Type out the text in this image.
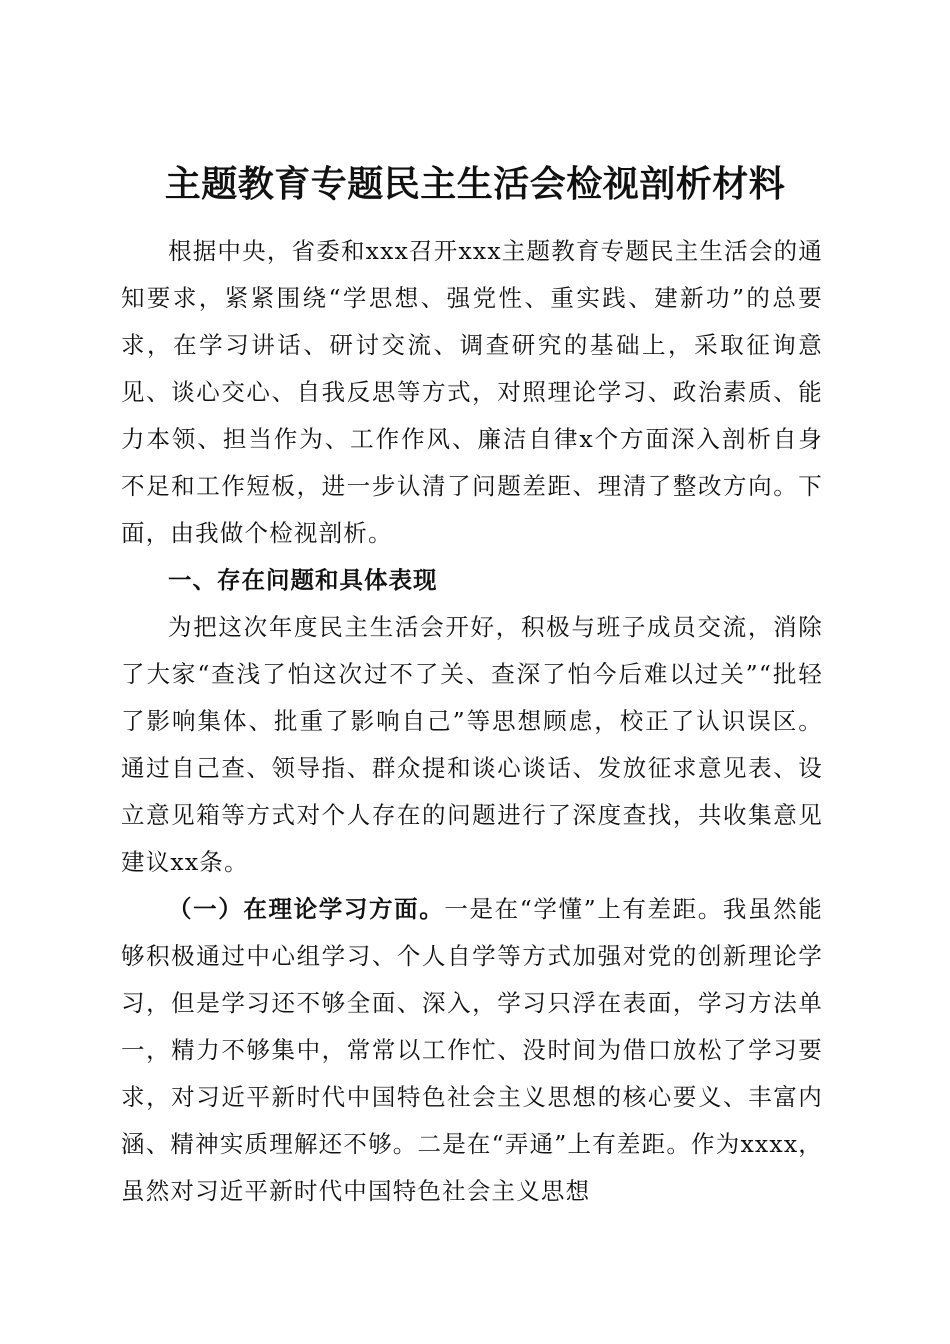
主题教育专题民主生活会检视剖析材料

根据中央，省委和xxx召开xxx主题教育专题民主生活会的通知要求，紧紧围绕“学思想、强党性、重实践、建新功”的总要求，在学习讲话、研讨交流、调查研究的基础上，采取征询意见、谈心交心、自我反思等方式，对照理论学习、政治素质、能力本领、担当作为、工作作风、廉洁自律x个方面深入剖析自身不足和工作短板，进一步认清了问题差距、理清了整改方向。下面，由我做个检视剖析。

一、存在问题和具体表现

为把这次年度民主生活会开好，积极与班子成员交流，消除了大家“查浅了怕这次过不了关、查深了怕今后难以过关”“批轻了影响集体、批重了影响自己”等思想顾虑，校正了认识误区。通过自己查、领导指、群众提和谈心谈话、发放征求意见表、设立意见箱等方式对个人存在的问题进行了深度查找，共收集意见建议xx条。

（一）在理论学习方面。一是在“学懂”上有差距。我虽然能够积极通过中心组学习、个人自学等方式加强对党的创新理论学习，但是学习还不够全面、深入，学习只浮在表面，学习方法单一，精力不够集中，常常以工作忙、没时间为借口放松了学习要求，对习近平新时代中国特色社会主义思想的核心要义、丰富内涵、精神实质理解还不够。二是在“弄通”上有差距。作为xxxx，虽然对习近平新时代中国特色社会主义思想
